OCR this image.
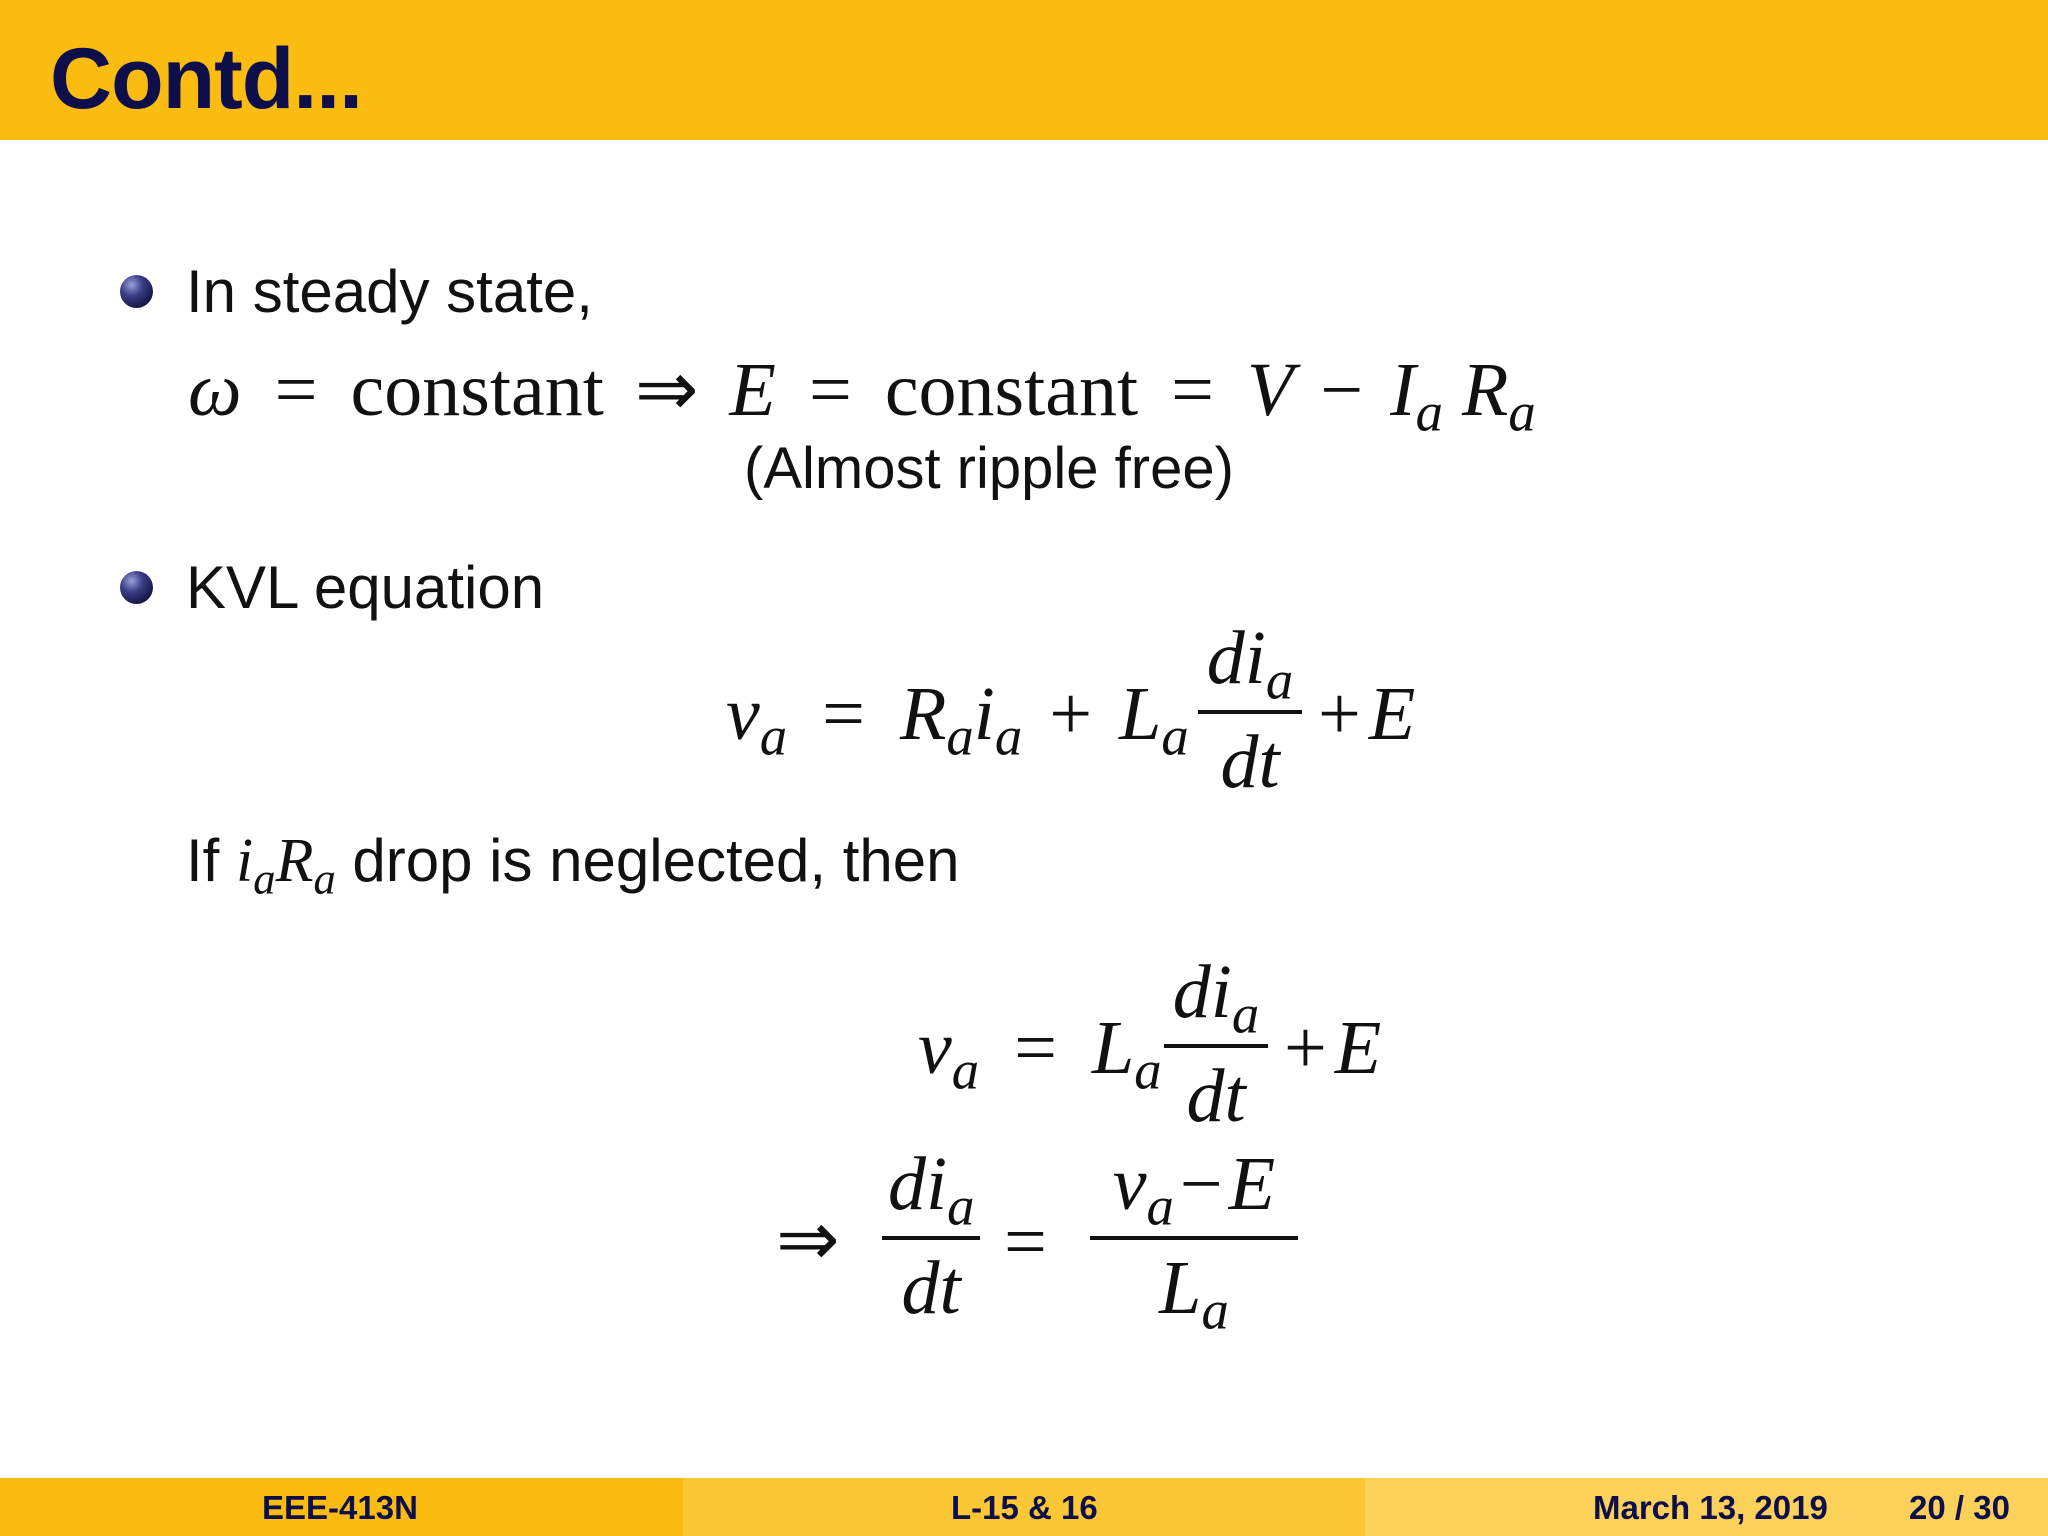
Contd...
In steady state,
ω = constant ⇒ E = constant = $V - I_a$ $R_a$
(Almost ripple free)
KVL equation
$v_a = R_ai_a + L_a$
$di_a$
dt
+ E
If $i_aR_a$ drop is neglected, then
$v_a = L_a$
$di_a$
dt
+ E
⇒
$di_a$
dt
=
$v_a-E$
$L_a$
EEE-413N	L-15 & 16	March 13, 2019 20 / 30
